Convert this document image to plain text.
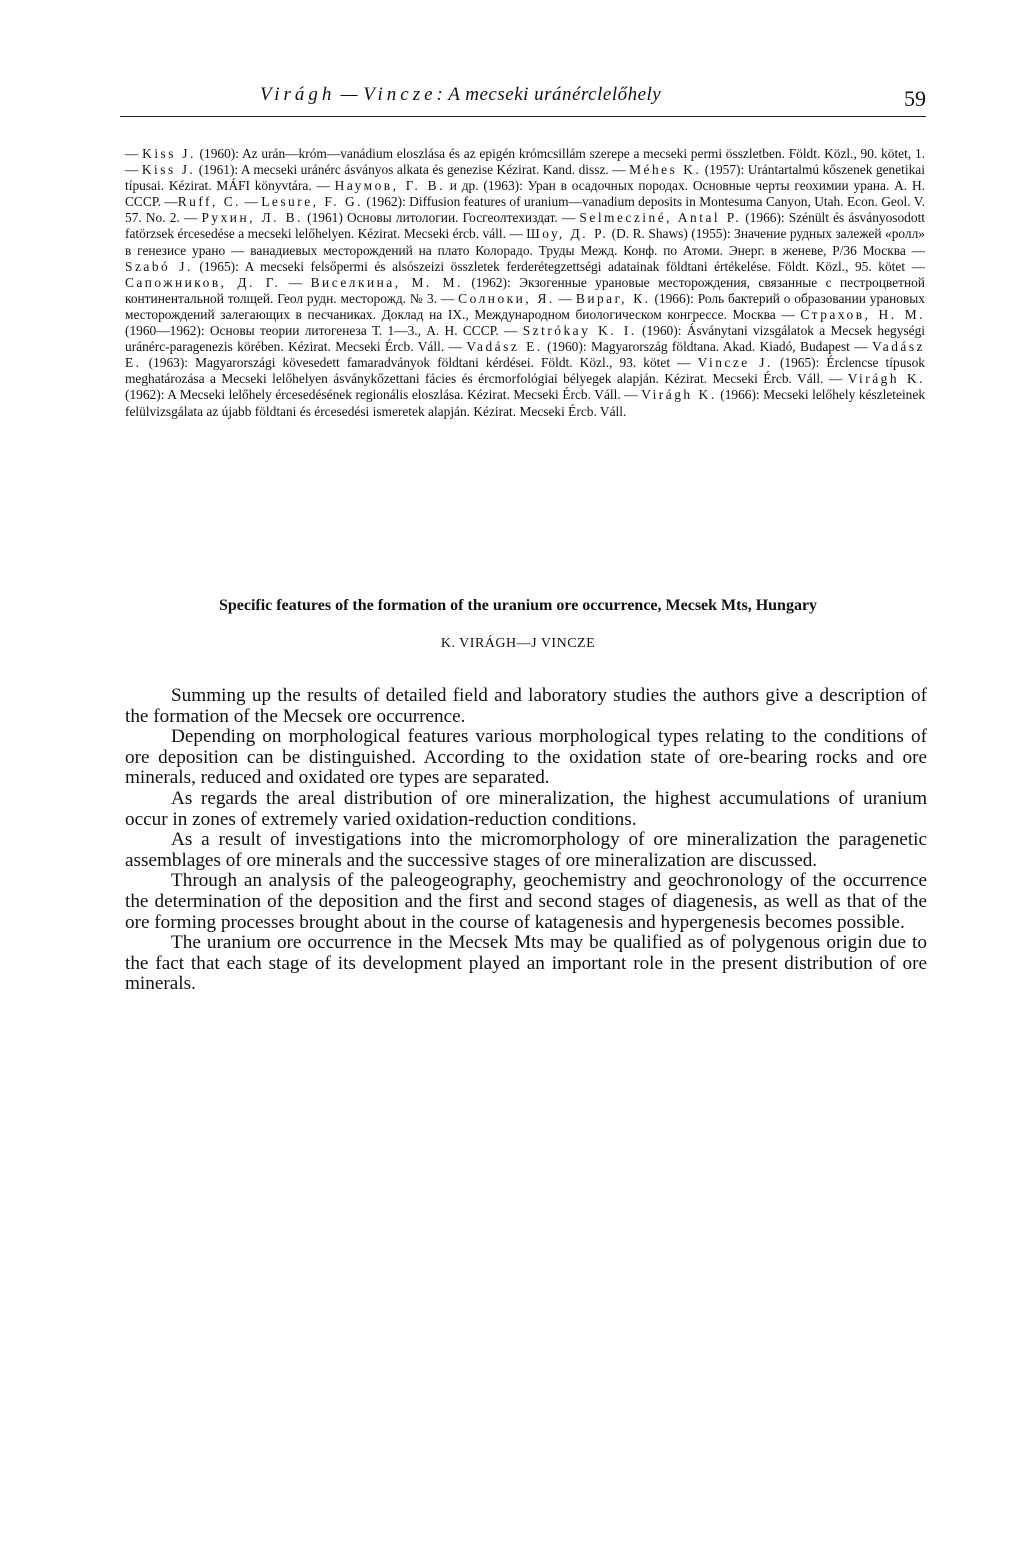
Virágh — Vincze: A mecseki uránérclelőhely	59

— Kiss J. (1960): Az urán—króm—vanádium eloszlása és az epigén krómcsillám szerepe a mecseki permi összletben. Földt. Közl., 90. kötet, 1. — Kiss J. (1961): A mecseki uránérc ásványos alkata és genezise Kézirat. Kand. dissz. — Méhes K. (1957): Urántartalmú kőszenek genetikai típusai. Kézirat. MÁFI könyvtára. — Наумов, Г. В. и др. (1963): Уран в осадочных породах. Основные черты геохимии урана. А. Н. СССР. —Ruff, C. — Lesure, F. G. (1962): Diffusion features of uranium—vanadium deposits in Montesuma Canyon, Utah. Econ. Geol. V. 57. No. 2. — Рухин, Л. В. (1961) Основы литологии. Госгеолтехиздат. — Selmecziné, Antal P. (1966): Szénült és ásványosodott fatörzsek ércesedése a mecseki lelőhelyen. Kézirat. Mecseki ércb. váll. — Шоу, Д. Р. (D. R. Shaws) (1955): Значение рудных залежей «ролл» в генезисе урано — ванадиевых месторождений на плато Колорадо. Труды Межд. Конф. по Атоми. Энерг. в женеве, P/36 Москва — Szabó J. (1965): A mecseki felsőpermi és alsószeizi összletek ferderétegzettségi adatainak földtani értékelése. Földt. Közl., 95. kötet — Сапожников, Д. Г. — Виселкина, М. М. (1962): Экзогенные урановые месторождения, связанные с пестроцветной континентальной толщей. Геол рудн. месторожд. № 3. — Солноки, Я. — Вираг, К. (1966): Роль бактерий о образовании урановых месторождений залегающих в песчаниках. Доклад на IX., Международном биологическом конгрессе. Москва — Страхов, Н. М. (1960—1962): Основы теории литогенеза Т. 1—3., А. Н. СССР. — Sztrókay K. I. (1960): Ásványtani vizsgálatok a Mecsek hegységi uránérc-paragenezis körében. Kézirat. Mecseki Ércb. Váll. — Vadász E. (1960): Magyarország földtana. Akad. Kiadó, Budapest — Vadász E. (1963): Magyarországi kövesedett famaradványok földtani kérdései. Földt. Közl., 93. kötet — Vincze J. (1965): Érclencse típusok meghatározása a Mecseki lelőhelyen ásványkőzettani fácies és ércmorfológiai bélyegek alapján. Kézirat. Mecseki Ércb. Váll. — Virágh K. (1962): A Mecseki lelőhely ércesedésének regionális eloszlása. Kézirat. Mecseki Ércb. Váll. — Virágh K. (1966): Mecseki lelőhely készleteinek felülvizsgálata az újabb földtani és ércesedési ismeretek alapján. Kézirat. Mecseki Ércb. Váll.

Specific features of the formation of the uranium ore occurrence, Mecsek Mts, Hungary

K. VIRÁGH—J VINCZE

Summing up the results of detailed field and laboratory studies the authors give a description of the formation of the Mecsek ore occurrence.

Depending on morphological features various morphological types relating to the conditions of ore deposition can be distinguished. According to the oxidation state of ore-bearing rocks and ore minerals, reduced and oxidated ore types are separated.

As regards the areal distribution of ore mineralization, the highest accumulations of uranium occur in zones of extremely varied oxidation-reduction conditions.

As a result of investigations into the micromorphology of ore mineralization the paragenetic assemblages of ore minerals and the successive stages of ore mineralization are discussed.

Through an analysis of the paleogeography, geochemistry and geochronology of the occurrence the determination of the deposition and the first and second stages of diagenesis, as well as that of the ore forming processes brought about in the course of katagenesis and hypergenesis becomes possible.

The uranium ore occurrence in the Mecsek Mts may be qualified as of polygenous origin due to the fact that each stage of its development played an important role in the present distribution of ore minerals.
